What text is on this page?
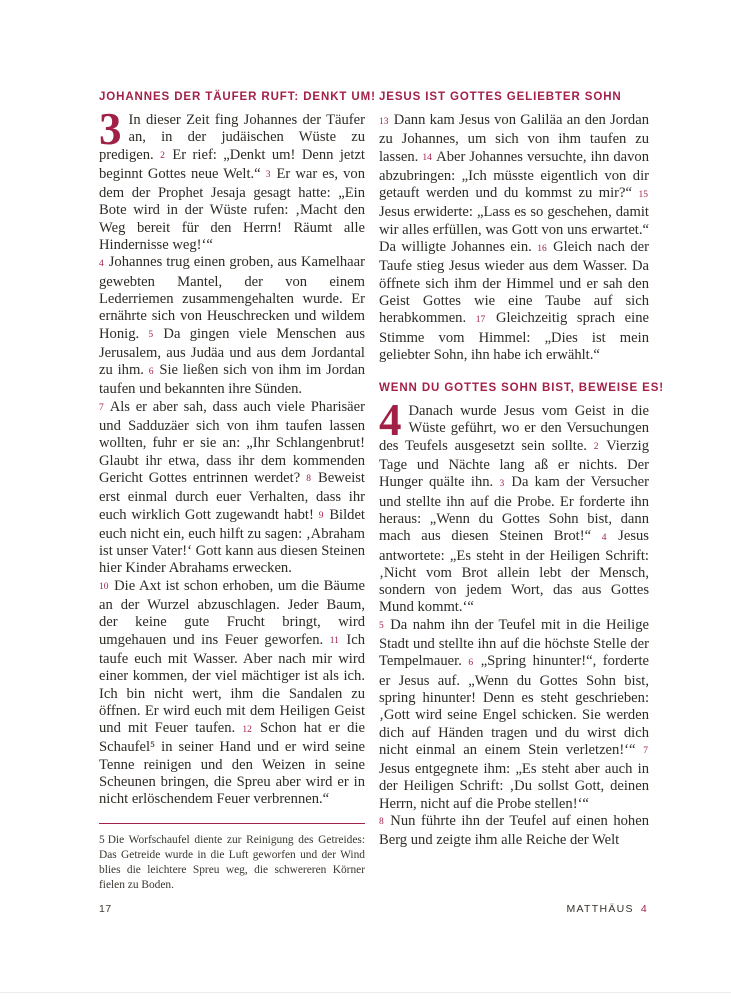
JOHANNES DER TÄUFER RUFT: DENKT UM!

3 In dieser Zeit fing Johannes der Täufer an, in der judäischen Wüste zu predigen. 2 Er rief: „Denkt um! Denn jetzt beginnt Gottes neue Welt.“ 3 Er war es, von dem der Prophet Jesaja gesagt hatte: „Ein Bote wird in der Wüste rufen: ‚Macht den Weg bereit für den Herrn! Räumt alle Hindernisse weg!‘“

4 Johannes trug einen groben, aus Kamelhaar gewebten Mantel, der von einem Lederriemen zusammengehalten wurde. Er ernährte sich von Heuschrecken und wildem Honig. 5 Da gingen viele Menschen aus Jerusalem, aus Judäa und aus dem Jordantal zu ihm. 6 Sie ließen sich von ihm im Jordan taufen und bekannten ihre Sünden.

7 Als er aber sah, dass auch viele Pharisäer und Sadduzäer sich von ihm taufen lassen wollten, fuhr er sie an: „Ihr Schlangenbrut! Glaubt ihr etwa, dass ihr dem kommenden Gericht Gottes entrinnen werdet? 8 Beweist erst einmal durch euer Verhalten, dass ihr euch wirklich Gott zugewandt habt! 9 Bildet euch nicht ein, euch hilft zu sagen: ‚Abraham ist unser Vater!‘ Gott kann aus diesen Steinen hier Kinder Abrahams erwecken.

10 Die Axt ist schon erhoben, um die Bäume an der Wurzel abzuschlagen. Jeder Baum, der keine gute Frucht bringt, wird umgehauen und ins Feuer geworfen. 11 Ich taufe euch mit Wasser. Aber nach mir wird einer kommen, der viel mächtiger ist als ich. Ich bin nicht wert, ihm die Sandalen zu öffnen. Er wird euch mit dem Heiligen Geist und mit Feuer taufen. 12 Schon hat er die Schaufel⁵ in seiner Hand und er wird seine Tenne reinigen und den Weizen in seine Scheunen bringen, die Spreu aber wird er in nicht erlöschendem Feuer verbrennen.“

JESUS IST GOTTES GELIEBTER SOHN

13 Dann kam Jesus von Galiläa an den Jordan zu Johannes, um sich von ihm taufen zu lassen. 14 Aber Johannes versuchte, ihn davon abzubringen: „Ich müsste eigentlich von dir getauft werden und du kommst zu mir?“ 15 Jesus erwiderte: „Lass es so geschehen, damit wir alles erfüllen, was Gott von uns erwartet.“ Da willigte Johannes ein. 16 Gleich nach der Taufe stieg Jesus wieder aus dem Wasser. Da öffnete sich ihm der Himmel und er sah den Geist Gottes wie eine Taube auf sich herabkommen. 17 Gleichzeitig sprach eine Stimme vom Himmel: „Dies ist mein geliebter Sohn, ihn habe ich erwählt.“

WENN DU GOTTES SOHN BIST, BEWEISE ES!

4 Danach wurde Jesus vom Geist in die Wüste geführt, wo er den Versuchungen des Teufels ausgesetzt sein sollte. 2 Vierzig Tage und Nächte lang aß er nichts. Der Hunger quälte ihn. 3 Da kam der Versucher und stellte ihn auf die Probe. Er forderte ihn heraus: „Wenn du Gottes Sohn bist, dann mach aus diesen Steinen Brot!“ 4 Jesus antwortete: „Es steht in der Heiligen Schrift: ‚Nicht vom Brot allein lebt der Mensch, sondern von jedem Wort, das aus Gottes Mund kommt.‘“

5 Da nahm ihn der Teufel mit in die Heilige Stadt und stellte ihn auf die höchste Stelle der Tempelmauer. 6 „Spring hinunter!“, forderte er Jesus auf. „Wenn du Gottes Sohn bist, spring hinunter! Denn es steht geschrieben: ‚Gott wird seine Engel schicken. Sie werden dich auf Händen tragen und du wirst dich nicht einmal an einem Stein verletzen!‘“ 7 Jesus entgegnete ihm: „Es steht aber auch in der Heiligen Schrift: ‚Du sollst Gott, deinen Herrn, nicht auf die Probe stellen!‘“

8 Nun führte ihn der Teufel auf einen hohen Berg und zeigte ihm alle Reiche der Welt

5 Die Worfschaufel diente zur Reinigung des Getreides: Das Getreide wurde in die Luft geworfen und der Wind blies die leichtere Spreu weg, die schwereren Körner fielen zu Boden.

17	MATTHÄUS 4
